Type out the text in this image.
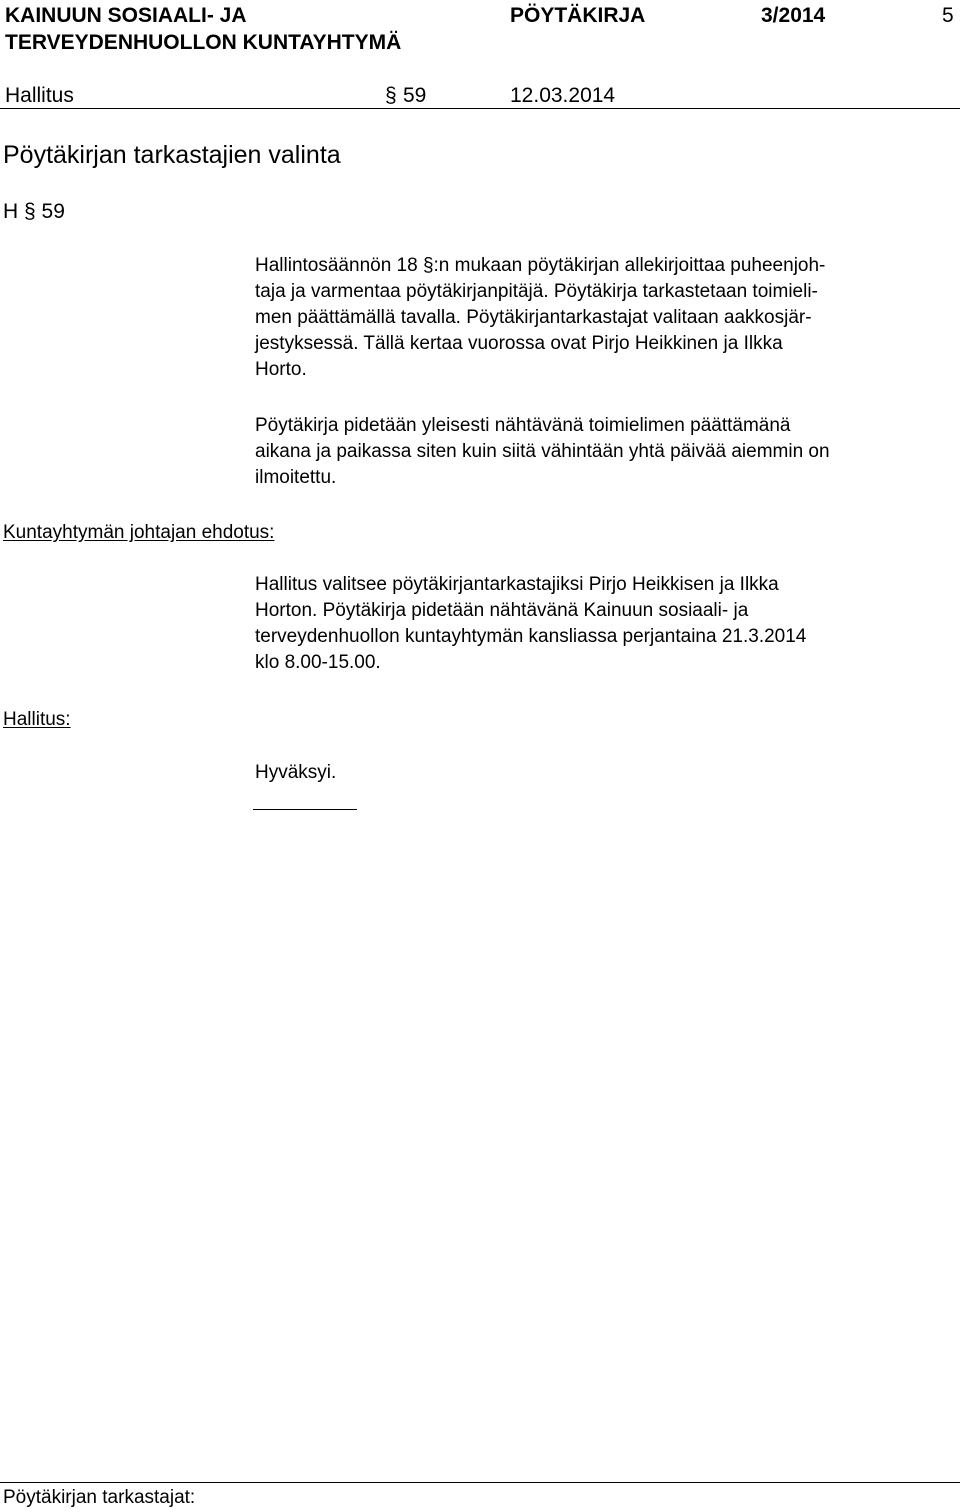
KAINUUN SOSIAALI- JA
TERVEYDENHUOLLON KUNTAYHTYMÄ
PÖYTÄKIRJA	3/2014	5
Hallitus	§ 59	12.03.2014
Pöytäkirjan tarkastajien valinta
H § 59
Hallintosäännön 18 §:n mukaan pöytäkirjan allekirjoittaa puheenjoh-
taja ja varmentaa pöytäkirjanpitäjä. Pöytäkirja tarkastetaan toimieli-
men päättämällä tavalla. Pöytäkirjantarkastajat valitaan aakkosjär-
jestyksessä. Tällä kertaa vuorossa ovat Pirjo Heikkinen ja Ilkka
Horto.
Pöytäkirja pidetään yleisesti nähtävänä toimielimen päättämänä
aikana ja paikassa siten kuin siitä vähintään yhtä päivää aiemmin on
ilmoitettu.
Kuntayhtymän johtajan ehdotus:
Hallitus valitsee pöytäkirjantarkastajiksi Pirjo Heikkisen ja Ilkka
Horton. Pöytäkirja pidetään nähtävänä Kainuun sosiaali- ja
terveydenhuollon kuntayhtymän kansliassa perjantaina 21.3.2014
klo 8.00-15.00.
Hallitus:
Hyväksyi.
Pöytäkirjan tarkastajat:
